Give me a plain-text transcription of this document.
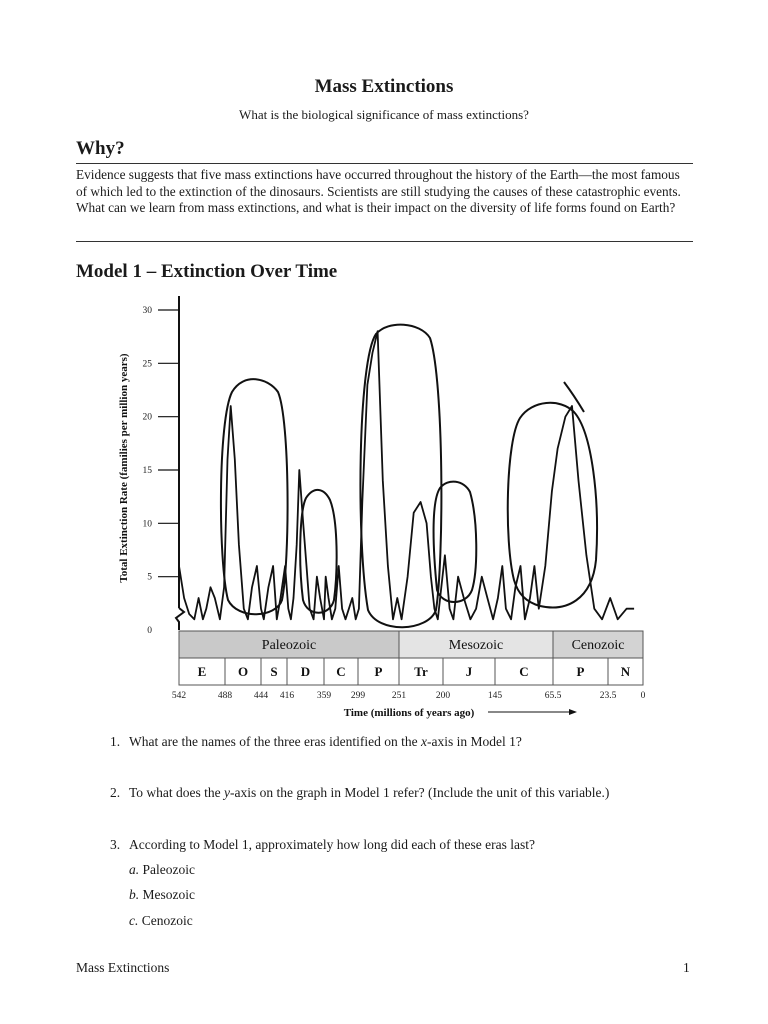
Mass Extinctions
What is the biological significance of mass extinctions?
Why?
Evidence suggests that five mass extinctions have occurred throughout the history of the Earth—the most famous of which led to the extinction of the dinosaurs. Scientists are still studying the causes of these catastrophic events. What can we learn from mass extinctions, and what is their impact on the diversity of life forms found on Earth?
Model 1 – Extinction Over Time
0
5
10
15
20
25
30
Total Extinction Rate (families per million years)
Paleozoic	Mesozoic	Cenozoic
E O S D C P Tr	J	C	P	N
542	488 444 416 359 299	251	200	145	65.5	23.5	0
Time (millions of years ago)
1. What are the names of the three eras identified on the x-axis in Model 1?
2. To what does the y-axis on the graph in Model 1 refer? (Include the unit of this variable.)
3. According to Model 1, approximately how long did each of these eras last?
a. Paleozoic
b. Mesozoic
c. Cenozoic
Mass Extinctions	1
